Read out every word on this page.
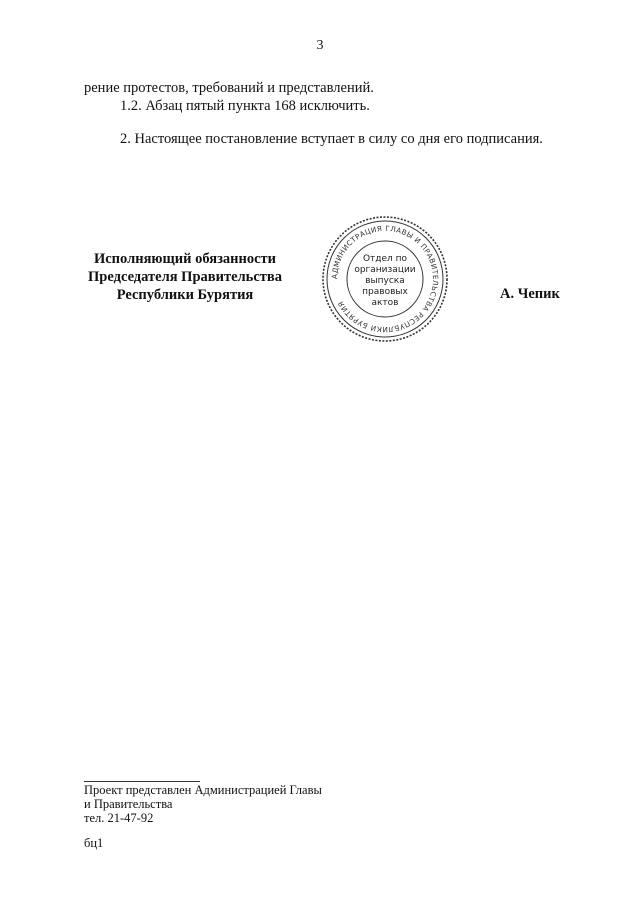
3
рение протестов, требований и представлений.
1.2. Абзац пятый пункта 168 исключить.
2. Настоящее постановление вступает в силу со дня его подписания.
Исполняющий обязанности
Председателя Правительства
Республики Бурятия
АДМИНИСТРАЦИЯ ГЛАВЫ И ПРАВИТЕЛЬСТВА РЕСПУБЛИКИ БУРЯТИЯ
Отдел по
организации
выпуска
правовых
актов
А. Чепик
Проект представлен Администрацией Главы
и Правительства
тел. 21-47-92
бц1
